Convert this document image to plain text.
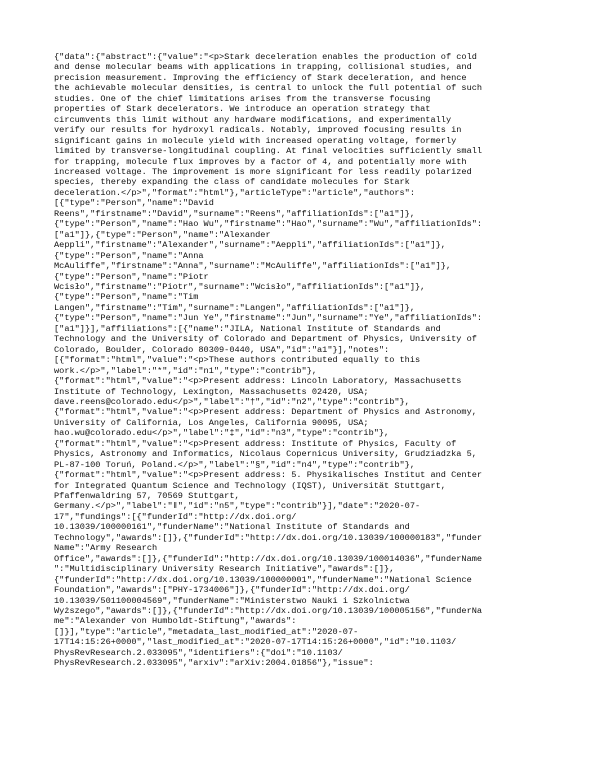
{"data":{"abstract":{"value":"<p>Stark deceleration enables the production of cold
and dense molecular beams with applications in trapping, collisional studies, and
precision measurement. Improving the efficiency of Stark deceleration, and hence
the achievable molecular densities, is central to unlock the full potential of such
studies. One of the chief limitations arises from the transverse focusing
properties of Stark decelerators. We introduce an operation strategy that
circumvents this limit without any hardware modifications, and experimentally
verify our results for hydroxyl radicals. Notably, improved focusing results in
significant gains in molecule yield with increased operating voltage, formerly
limited by transverse-longitudinal coupling. At final velocities sufficiently small
for trapping, molecule flux improves by a factor of 4, and potentially more with
increased voltage. The improvement is more significant for less readily polarized
species, thereby expanding the class of candidate molecules for Stark
deceleration.</p>","format":"html"},"articleType":"article","authors":
[{"type":"Person","name":"David
Reens","firstname":"David","surname":"Reens","affiliationIds":["a1"]},
{"type":"Person","name":"Hao Wu","firstname":"Hao","surname":"Wu","affiliationIds":
["a1"]},{"type":"Person","name":"Alexander
Aeppli","firstname":"Alexander","surname":"Aeppli","affiliationIds":["a1"]},
{"type":"Person","name":"Anna
McAuliffe","firstname":"Anna","surname":"McAuliffe","affiliationIds":["a1"]},
{"type":"Person","name":"Piotr
Wcisło","firstname":"Piotr","surname":"Wcisło","affiliationIds":["a1"]},
{"type":"Person","name":"Tim
Langen","firstname":"Tim","surname":"Langen","affiliationIds":["a1"]},
{"type":"Person","name":"Jun Ye","firstname":"Jun","surname":"Ye","affiliationIds":
["a1"]}],"affiliations":[{"name":"JILA, National Institute of Standards and
Technology and the University of Colorado and Department of Physics, University of
Colorado, Boulder, Colorado 80309-0440, USA","id":"a1"}],"notes":
[{"format":"html","value":"<p>These authors contributed equally to this
work.</p>","label":"*","id":"n1","type":"contrib"},
{"format":"html","value":"<p>Present address: Lincoln Laboratory, Massachusetts
Institute of Technology, Lexington, Massachusetts 02420, USA;
dave.reens@colorado.edu</p>","label":"†","id":"n2","type":"contrib"},
{"format":"html","value":"<p>Present address: Department of Physics and Astronomy,
University of California, Los Angeles, California 90095, USA;
hao.wu@colorado.edu</p>","label":"‡","id":"n3","type":"contrib"},
{"format":"html","value":"<p>Present address: Institute of Physics, Faculty of
Physics, Astronomy and Informatics, Nicolaus Copernicus University, Grudziadzka 5,
PL-87-100 Toruń, Poland.</p>","label":"§","id":"n4","type":"contrib"},
{"format":"html","value":"<p>Present address: 5. Physikalisches Institut and Center
for Integrated Quantum Science and Technology (IQST), Universität Stuttgart,
Pfaffenwaldring 57, 70569 Stuttgart,
Germany.</p>","label":"ǁ","id":"n5","type":"contrib"}],"date":"2020-07-
17","fundings":[{"funderId":"http://dx.doi.org/
10.13039/100000161","funderName":"National Institute of Standards and
Technology","awards":[]},{"funderId":"http://dx.doi.org/10.13039/100000183","funder
Name":"Army Research
Office","awards":[]},{"funderId":"http://dx.doi.org/10.13039/100014036","funderName
":"Multidisciplinary University Research Initiative","awards":[]},
{"funderId":"http://dx.doi.org/10.13039/100000001","funderName":"National Science
Foundation","awards":["PHY-1734006"]},{"funderId":"http://dx.doi.org/
10.13039/501100004569","funderName":"Ministerstwo Nauki i Szkolnictwa
Wyższego","awards":[]},{"funderId":"http://dx.doi.org/10.13039/100005156","funderNa
me":"Alexander von Humboldt-Stiftung","awards":
[]}],"type":"article","metadata_last_modified_at":"2020-07-
17T14:15:26+0000","last_modified_at":"2020-07-17T14:15:26+0000","id":"10.1103/
PhysRevResearch.2.033095","identifiers":{"doi":"10.1103/
PhysRevResearch.2.033095","arxiv":"arXiv:2004.01856"},"issue":
